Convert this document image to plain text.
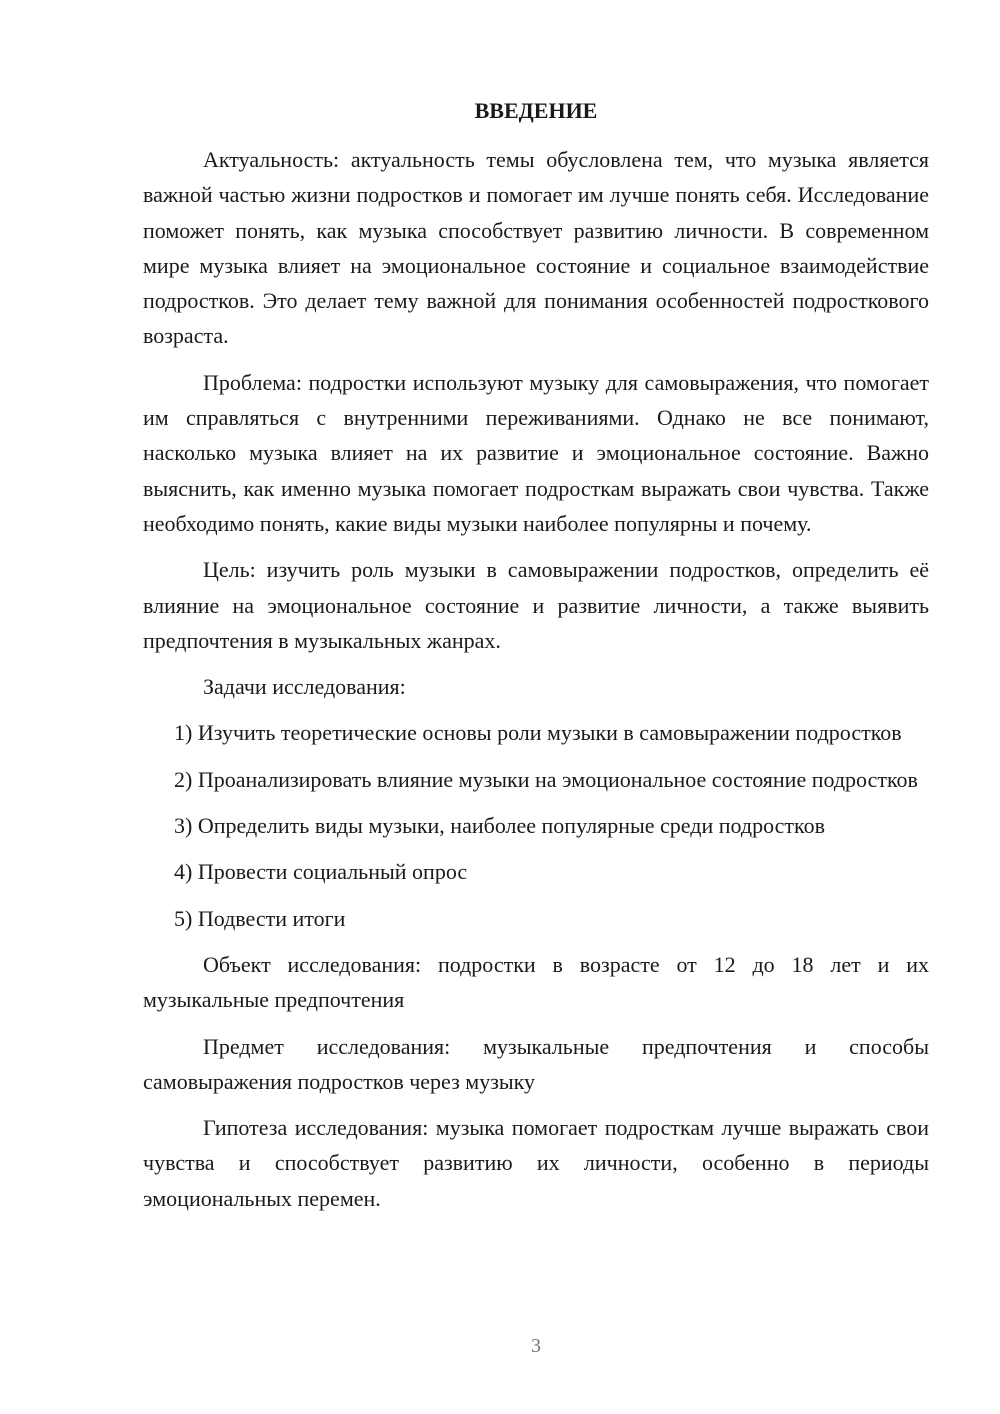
ВВЕДЕНИЕ

Актуальность: актуальность темы обусловлена тем, что музыка является важной частью жизни подростков и помогает им лучше понять себя. Исследование поможет понять, как музыка способствует развитию личности. В современном мире музыка влияет на эмоциональное состояние и социальное взаимодействие подростков. Это делает тему важной для понимания особенностей подросткового возраста.

Проблема: подростки используют музыку для самовыражения, что помогает им справляться с внутренними переживаниями. Однако не все понимают, насколько музыка влияет на их развитие и эмоциональное состояние. Важно выяснить, как именно музыка помогает подросткам выражать свои чувства. Также необходимо понять, какие виды музыки наиболее популярны и почему.

Цель: изучить роль музыки в самовыражении подростков, определить её влияние на эмоциональное состояние и развитие личности, а также выявить предпочтения в музыкальных жанрах.

Задачи исследования:

1) Изучить теоретические основы роли музыки в самовыражении подростков

2) Проанализировать влияние музыки на эмоциональное состояние подростков

3) Определить виды музыки, наиболее популярные среди подростков

4) Провести социальный опрос

5) Подвести итоги

Объект исследования: подростки в возрасте от 12 до 18 лет и их музыкальные предпочтения

Предмет исследования: музыкальные предпочтения и способы самовыражения подростков через музыку

Гипотеза исследования: музыка помогает подросткам лучше выражать свои чувства и способствует развитию их личности, особенно в периоды эмоциональных перемен.

3
